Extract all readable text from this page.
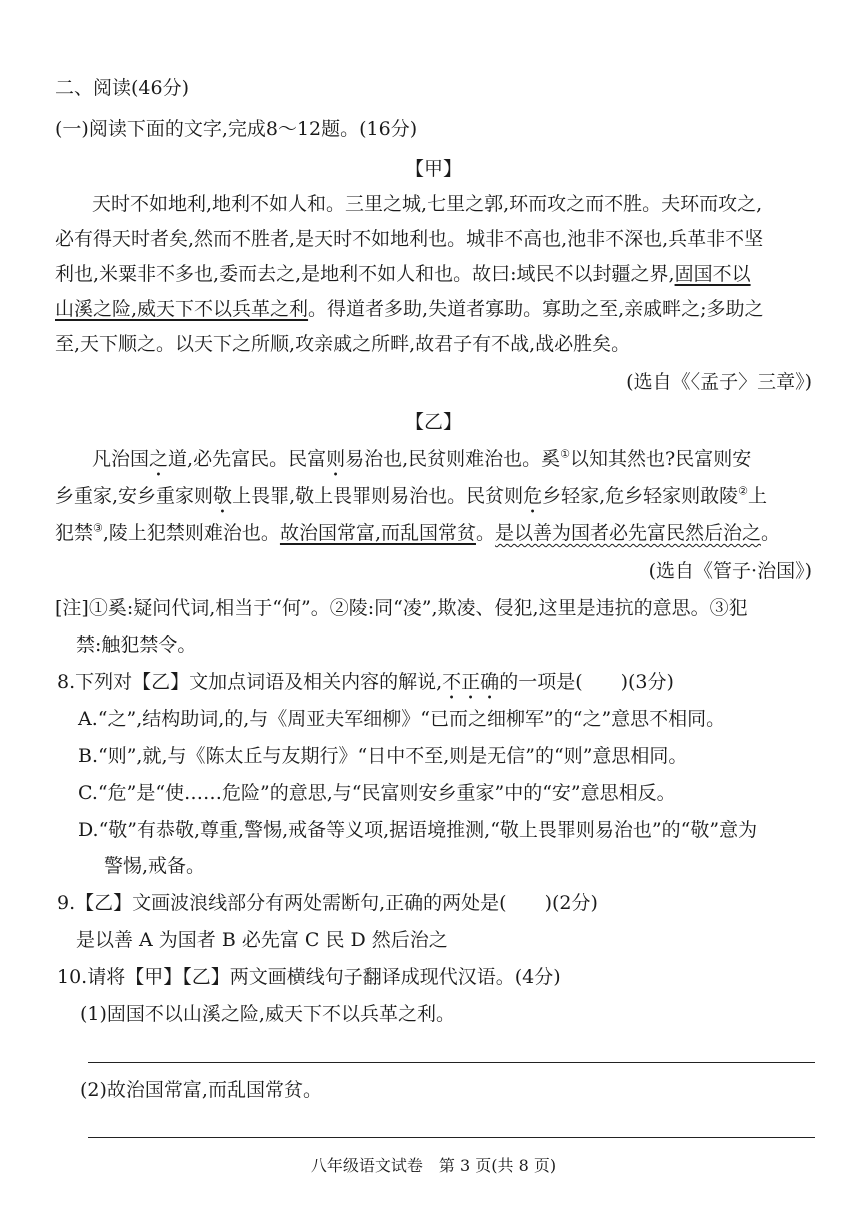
二、阅读(46分)
(一)阅读下面的文字,完成8～12题。(16分)
【甲】
天时不如地利,地利不如人和。三里之城,七里之郭,环而攻之而不胜。夫环而攻之,
必有得天时者矣,然而不胜者,是天时不如地利也。城非不高也,池非不深也,兵革非不坚
利也,米粟非不多也,委而去之,是地利不如人和也。故曰:域民不以封疆之界,固国不以
山溪之险,威天下不以兵革之利。得道者多助,失道者寡助。寡助之至,亲戚畔之;多助之
至,天下顺之。以天下之所顺,攻亲戚之所畔,故君子有不战,战必胜矣。
(选自《〈孟子〉三章》)
【乙】
凡治国之道,必先富民。民富则易治也,民贫则难治也。奚①以知其然也?民富则安
乡重家,安乡重家则敬上畏罪,敬上畏罪则易治也。民贫则危乡轻家,危乡轻家则敢陵②上
犯禁③,陵上犯禁则难治也。故治国常富,而乱国常贫。是以善为国者必先富民然后治之。
(选自《管子·治国》)
[注]①奚:疑问代词,相当于“何”。②陵:同“凌”,欺凌、侵犯,这里是违抗的意思。③犯
禁:触犯禁令。
8.下列对【乙】文加点词语及相关内容的解说,不正确的一项是(　　)(3分)
A.“之”,结构助词,的,与《周亚夫军细柳》“已而之细柳军”的“之”意思不相同。
B.“则”,就,与《陈太丘与友期行》“日中不至,则是无信”的“则”意思相同。
C.“危”是“使……危险”的意思,与“民富则安乡重家”中的“安”意思相反。
D.“敬”有恭敬,尊重,警惕,戒备等义项,据语境推测,“敬上畏罪则易治也”的“敬”意为
警惕,戒备。
9.【乙】文画波浪线部分有两处需断句,正确的两处是(　　)(2分)
是以善 A 为国者 B 必先富 C 民 D 然后治之
10.请将【甲】【乙】两文画横线句子翻译成现代汉语。(4分)
(1)固国不以山溪之险,威天下不以兵革之利。
(2)故治国常富,而乱国常贫。
八年级语文试卷　第 3 页(共 8 页)
